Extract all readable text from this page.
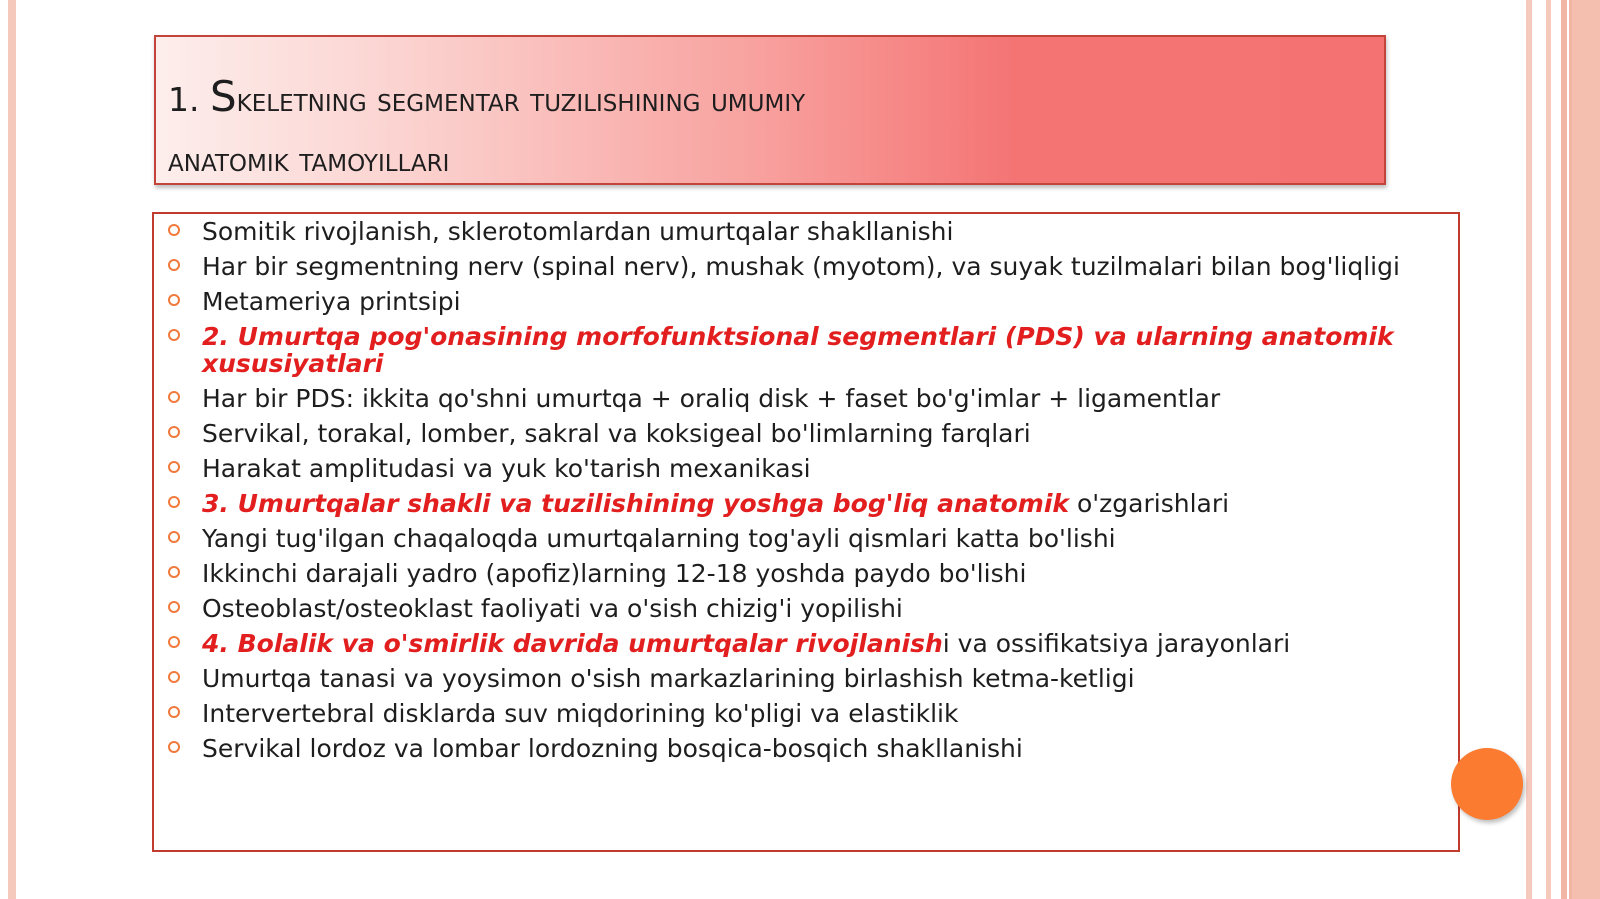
1. Skeletning segmentar tuzilishining umumiy
anatomik tamoyillari
Somitik rivojlanish, sklerotomlardan umurtqalar shakllanishi
Har bir segmentning nerv (spinal nerv), mushak (myotom), va suyak tuzilmalari bilan bog'liqligi
Metameriya printsipi
2. Umurtqa pog'onasining morfofunktsional segmentlari (PDS) va ularning anatomik xususiyatlari
Har bir PDS: ikkita qo'shni umurtqa + oraliq disk + faset bo'g'imlar + ligamentlar
Servikal, torakal, lomber, sakral va koksigeal bo'limlarning farqlari
Harakat amplitudasi va yuk ko'tarish mexanikasi
3. Umurtqalar shakli va tuzilishining yoshga bog'liq anatomik o'zgarishlari
Yangi tug'ilgan chaqaloqda umurtqalarning tog'ayli qismlari katta bo'lishi
Ikkinchi darajali yadro (apofiz)larning 12-18 yoshda paydo bo'lishi
Osteoblast/osteoklast faoliyati va o'sish chizig'i yopilishi
4. Bolalik va o'smirlik davrida umurtqalar rivojlanishi va ossifikatsiya jarayonlari
Umurtqa tanasi va yoysimon o'sish markazlarining birlashish ketma-ketligi
Intervertebral disklarda suv miqdorining ko'pligi va elastiklik
Servikal lordoz va lombar lordozning bosqica-bosqich shakllanishi
